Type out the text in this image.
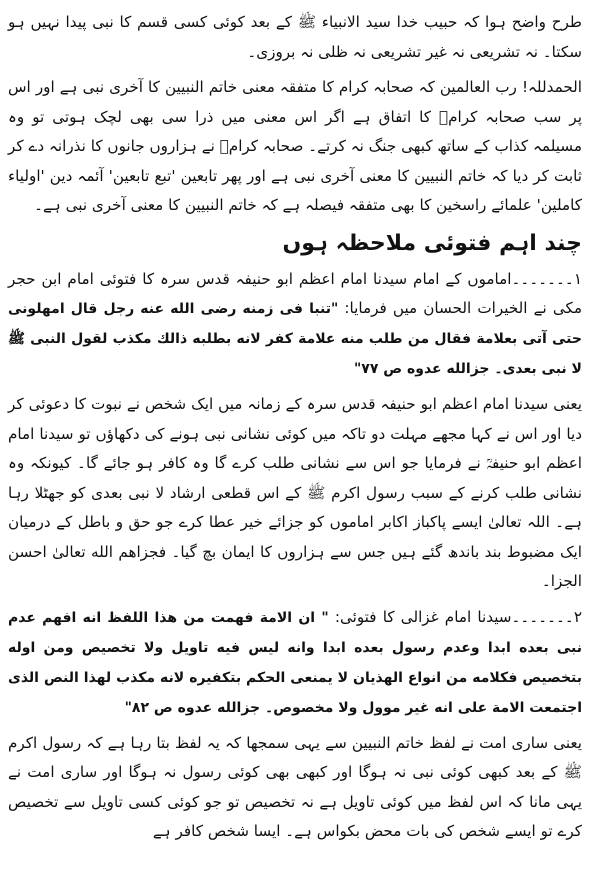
طرح واضح ہوا کہ حبیب خدا سید الانبیاء ﷺ کے بعد کوئی کسی قسم کا نبی پیدا نہیں ہو سکتا۔ نہ تشریعی نہ غیر تشریعی نہ ظلی نہ بروزی۔

الحمدللہ! رب العالمین کہ صحابہ کرام کا متفقہ معنی خاتم النبیین کا آخری نبی ہے اور اس پر سب صحابہ کرامؓ کا اتفاق ہے اگر اس معنی میں ذرا سی بھی لچک ہوتی تو وہ مسیلمہ کذاب کے ساتھ کبھی جنگ نہ کرتے۔ صحابہ کرامؓ نے ہزاروں جانوں کا نذرانہ دے کر ثابت کر دیا کہ خاتم النبیین کا معنی آخری نبی ہے اور پھر تابعین 'تبع تابعین' آئمہ دین 'اولیاء کاملین' علمائے راسخین کا بھی متفقہ فیصلہ ہے کہ خاتم النبیین کا معنی آخری نبی ہے۔

چند اہم فتوئی ملاحظہ ہوں

۱۔۔۔۔۔۔۔اماموں کے امام سیدنا امام اعظم ابو حنیفہ قدس سرہ کا فتوئی امام ابن حجر مکی نے الخیرات الحسان میں فرمایا: "تنبا فی زمنه رضی الله عنه رجل قال امهلونی حتی آتی بعلامة فقال من طلب منه علامة کفر لانه بطلبه ذالك مکذب لقول النبی ﷺ لا نبی بعدی۔ جزالله عدوه ص ۷۷"

یعنی سیدنا امام اعظم ابو حنیفہ قدس سرہ کے زمانہ میں ایک شخص نے نبوت کا دعوئی کر دیا اور اس نے کہا مجھے مہلت دو تاکہ میں کوئی نشانی نبی ہونے کی دکھاؤں تو سیدنا امام اعظم ابو حنیفہؒ نے فرمایا جو اس سے نشانی طلب کرے گا وہ کافر ہو جائے گا۔ کیونکہ وہ نشانی طلب کرنے کے سبب رسول اکرم ﷺ کے اس قطعی ارشاد لا نبی بعدی کو جھٹلا رہا ہے۔ اللہ تعالیٰ ایسے پاکباز اکابر اماموں کو جزائے خیر عطا کرے جو حق و باطل کے درمیان ایک مضبوط بند باندھ گئے ہیں جس سے ہزاروں کا ایمان بچ گیا۔ فجزاهم الله تعالیٰ احسن الجزا۔

۲۔۔۔۔۔۔۔سیدنا امام غزالی کا فتوئی: " ان الامة فهمت من هذا اللفظ انه افهم عدم نبی بعده ابدا وعدم رسول بعده ابدا وانه لیس فیه تاویل ولا تخصیص ومن اوله بتخصیص فکلامه من انواع الهذیان لا یمنعی الحکم بتکفیره لانه مکذب لهذا النص الذی اجتمعت الامة علی انه غیر موول ولا مخصوص۔ جزالله عدوه ص ۸۲"

یعنی ساری امت نے لفظ خاتم النبیین سے یہی سمجھا کہ یہ لفظ بتا رہا ہے کہ رسول اکرم ﷺ کے بعد کبھی کوئی نبی نہ ہوگا اور کبھی بھی کوئی رسول نہ ہوگا اور ساری امت نے یہی مانا کہ اس لفظ میں کوئی تاویل ہے نہ تخصیص تو جو کوئی کسی تاویل سے تخصیص کرے تو ایسے شخص کی بات محض بکواس ہے۔ ایسا شخص کافر ہے
